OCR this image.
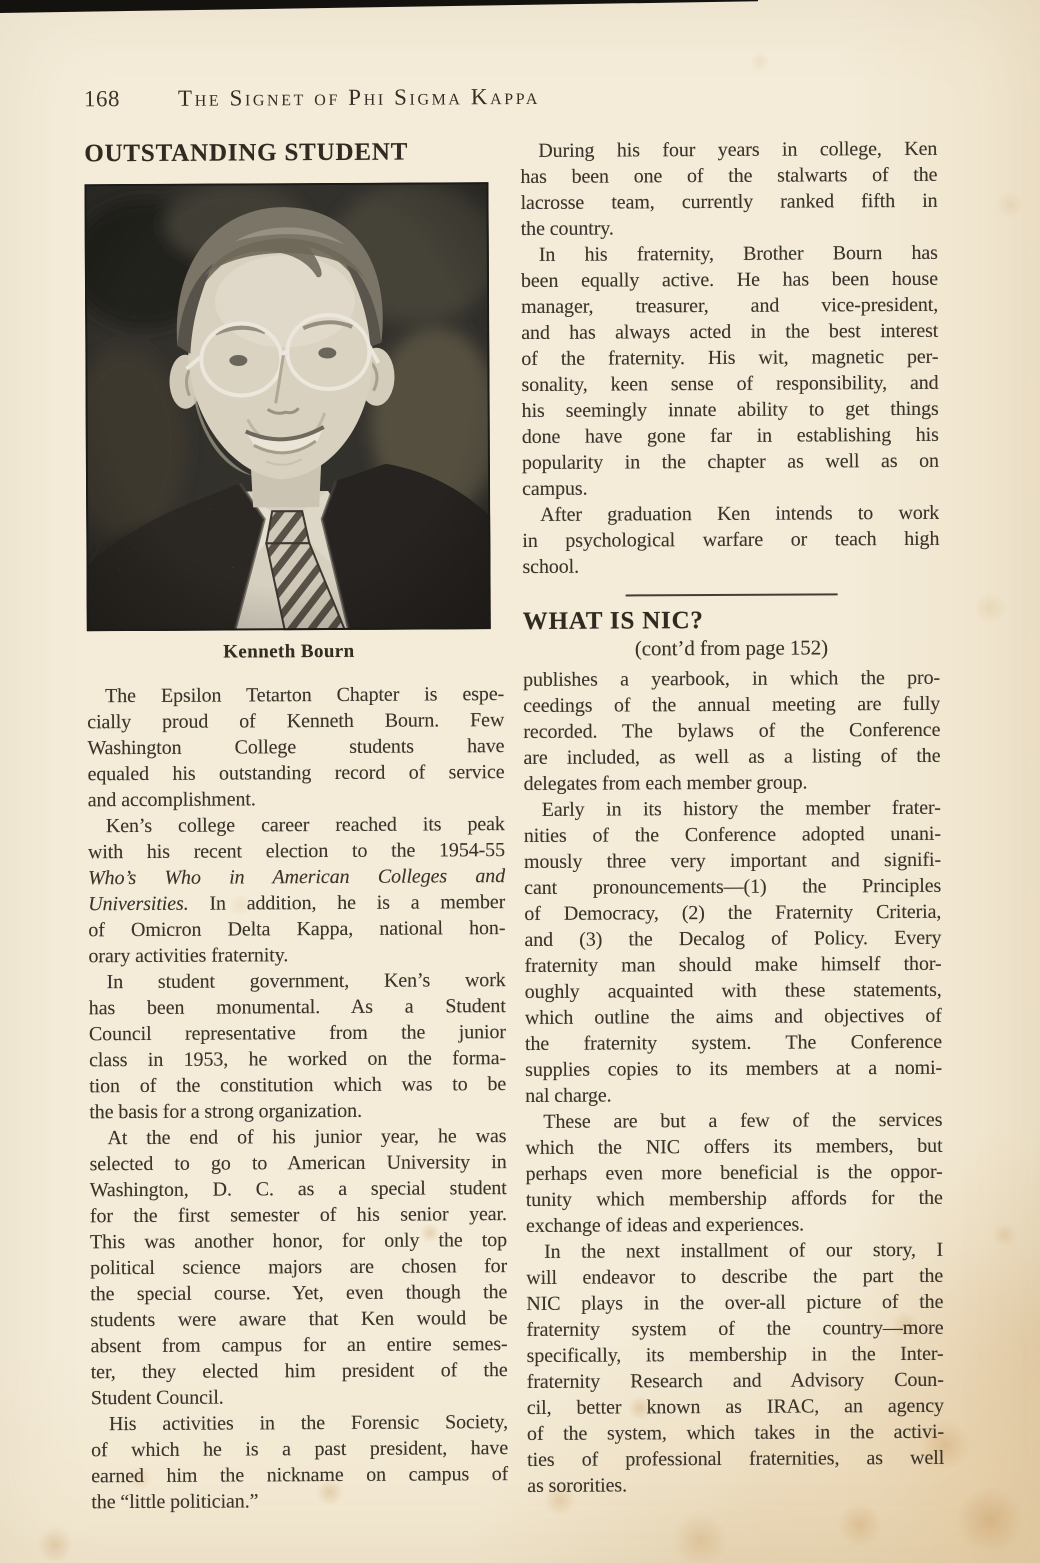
168	The Signet of Phi Sigma Kappa
OUTSTANDING STUDENT
Kenneth Bourn
The Epsilon Tetarton Chapter is espe-
cially proud of Kenneth Bourn. Few
Washington College students have
equaled his outstanding record of service
and accomplishment.
Ken’s college career reached its peak
with his recent election to the 1954-55
Who’s Who in American Colleges and
Universities. In addition, he is a member
of Omicron Delta Kappa, national hon-
orary activities fraternity.
In student government, Ken’s work
has been monumental. As a Student
Council representative from the junior
class in 1953, he worked on the forma-
tion of the constitution which was to be
the basis for a strong organization.
At the end of his junior year, he was
selected to go to American University in
Washington, D. C. as a special student
for the first semester of his senior year.
This was another honor, for only the top
political science majors are chosen for
the special course. Yet, even though the
students were aware that Ken would be
absent from campus for an entire semes-
ter, they elected him president of the
Student Council.
His activities in the Forensic Society,
of which he is a past president, have
earned him the nickname on campus of
the “little politician.”
During his four years in college, Ken
has been one of the stalwarts of the
lacrosse team, currently ranked fifth in
the country.
In his fraternity, Brother Bourn has
been equally active. He has been house
manager, treasurer, and vice-president,
and has always acted in the best interest
of the fraternity. His wit, magnetic per-
sonality, keen sense of responsibility, and
his seemingly innate ability to get things
done have gone far in establishing his
popularity in the chapter as well as on
campus.
After graduation Ken intends to work
in psychological warfare or teach high
school.
WHAT IS NIC?
(cont’d from page 152)
publishes a yearbook, in which the pro-
ceedings of the annual meeting are fully
recorded. The bylaws of the Conference
are included, as well as a listing of the
delegates from each member group.
Early in its history the member frater-
nities of the Conference adopted unani-
mously three very important and signifi-
cant pronouncements—(1) the Principles
of Democracy, (2) the Fraternity Criteria,
and (3) the Decalog of Policy. Every
fraternity man should make himself thor-
oughly acquainted with these statements,
which outline the aims and objectives of
the fraternity system. The Conference
supplies copies to its members at a nomi-
nal charge.
These are but a few of the services
which the NIC offers its members, but
perhaps even more beneficial is the oppor-
tunity which membership affords for the
exchange of ideas and experiences.
In the next installment of our story, I
will endeavor to describe the part the
NIC plays in the over-all picture of the
fraternity system of the country—more
specifically, its membership in the Inter-
fraternity Research and Advisory Coun-
cil, better known as IRAC, an agency
of the system, which takes in the activi-
ties of professional fraternities, as well
as sororities.
